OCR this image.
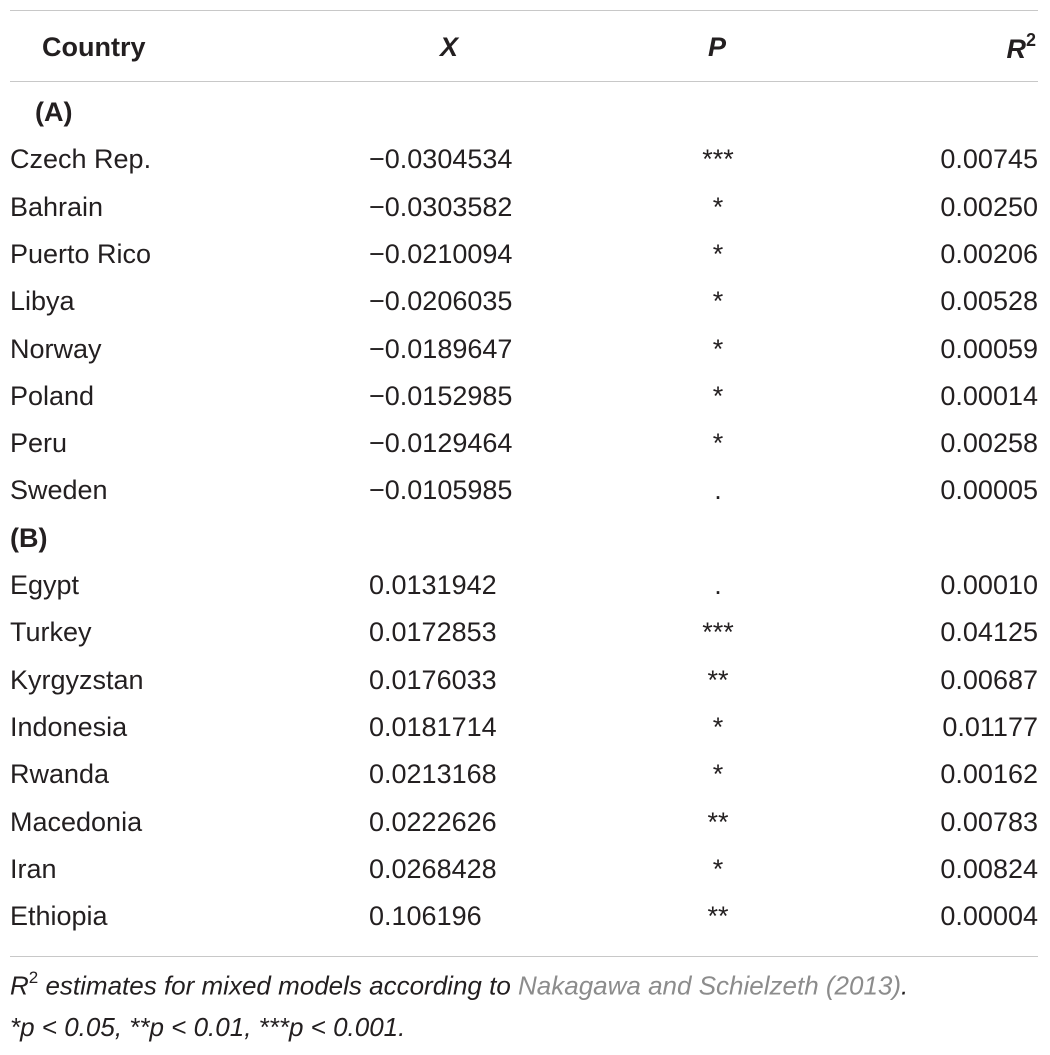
Country	X	P	$R^2$
(A)
Czech Rep.	−0.0304534	***	0.00745
Bahrain	−0.0303582	*	0.00250
Puerto Rico	−0.0210094	*	0.00206
Libya	−0.0206035	*	0.00528
Norway	−0.0189647	*	0.00059
Poland	−0.0152985	*	0.00014
Peru	−0.0129464	*	0.00258
Sweden	−0.0105985	.	0.00005
(B)
Egypt	0.0131942	.	0.00010
Turkey	0.0172853	***	0.04125
Kyrgyzstan	0.0176033	**	0.00687
Indonesia	0.0181714	*	0.01177
Rwanda	0.0213168	*	0.00162
Macedonia	0.0222626	**	0.00783
Iran	0.0268428	*	0.00824
Ethiopia	0.106196	**	0.00004
$R^2$ estimates for mixed models according to Nakagawa and Schielzeth (2013).
*p < 0.05, **p < 0.01, ***p < 0.001.
